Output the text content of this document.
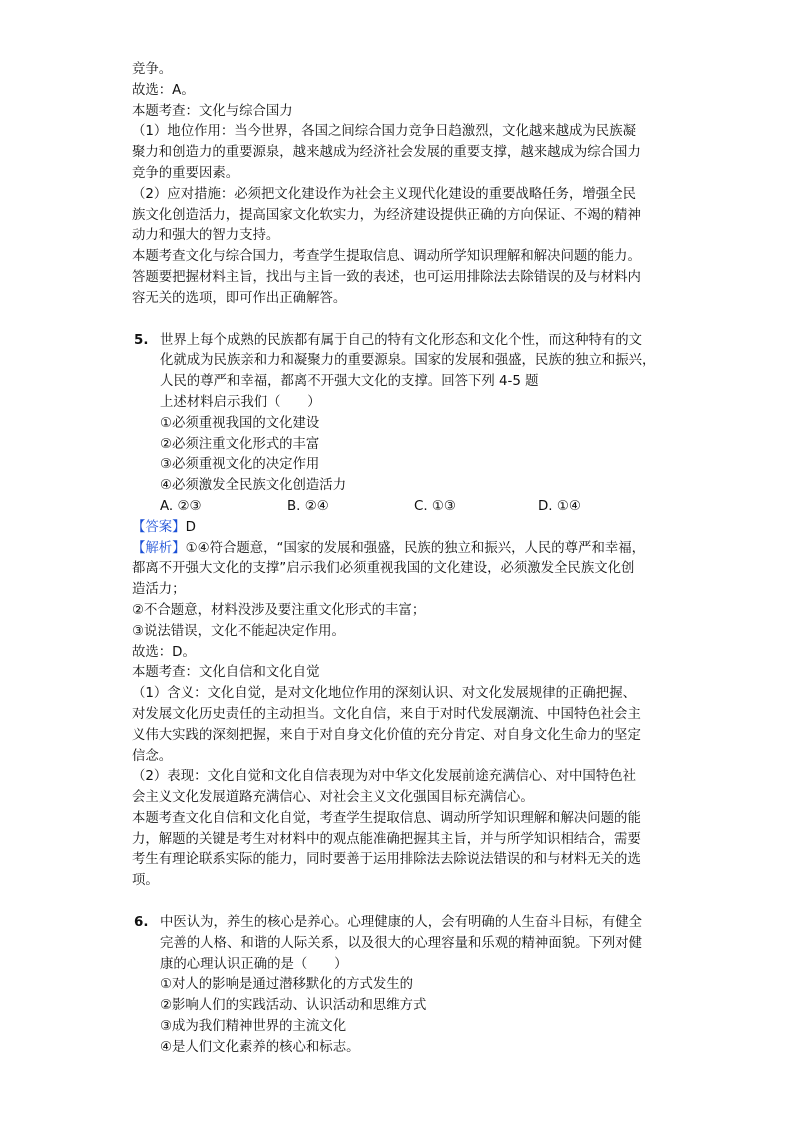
竞争。
故选：A。
本题考查：文化与综合国力
（1）地位作用：当今世界，各国之间综合国力竞争日趋激烈，文化越来越成为民族凝
聚力和创造力的重要源泉，越来越成为经济社会发展的重要支撑，越来越成为综合国力
竞争的重要因素。
（2）应对措施：必须把文化建设作为社会主义现代化建设的重要战略任务，增强全民
族文化创造活力，提高国家文化软实力，为经济建设提供正确的方向保证、不竭的精神
动力和强大的智力支持。
本题考查文化与综合国力，考查学生提取信息、调动所学知识理解和解决问题的能力。
答题要把握材料主旨，找出与主旨一致的表述，也可运用排除法去除错误的及与材料内
容无关的选项，即可作出正确解答。
5. 世界上每个成熟的民族都有属于自己的特有文化形态和文化个性，而这种特有的文
化就成为民族亲和力和凝聚力的重要源泉。国家的发展和强盛，民族的独立和振兴，
人民的尊严和幸福，都离不开强大文化的支撑。回答下列 4-5 题
上述材料启示我们（　　）
①必须重视我国的文化建设
②必须注重文化形式的丰富
③必须重视文化的决定作用
④必须激发全民族文化创造活力
A. ②③	B. ②④	C. ①③	D. ①④
【答案】D
【解析】①④符合题意，“国家的发展和强盛，民族的独立和振兴，人民的尊严和幸福，
都离不开强大文化的支撑”启示我们必须重视我国的文化建设，必须激发全民族文化创
造活力；
②不合题意，材料没涉及要注重文化形式的丰富；
③说法错误，文化不能起决定作用。
故选：D。
本题考查：文化自信和文化自觉
（1）含义：文化自觉，是对文化地位作用的深刻认识、对文化发展规律的正确把握、
对发展文化历史责任的主动担当。文化自信，来自于对时代发展潮流、中国特色社会主
义伟大实践的深刻把握，来自于对自身文化价值的充分肯定、对自身文化生命力的坚定
信念。
（2）表现：文化自觉和文化自信表现为对中华文化发展前途充满信心、对中国特色社
会主义文化发展道路充满信心、对社会主义文化强国目标充满信心。
本题考查文化自信和文化自觉，考查学生提取信息、调动所学知识理解和解决问题的能
力，解题的关键是考生对材料中的观点能准确把握其主旨，并与所学知识相结合，需要
考生有理论联系实际的能力，同时要善于运用排除法去除说法错误的和与材料无关的选
项。
6. 中医认为，养生的核心是养心。心理健康的人，会有明确的人生奋斗目标，有健全
完善的人格、和谐的人际关系，以及很大的心理容量和乐观的精神面貌。下列对健
康的心理认识正确的是（　　）
①对人的影响是通过潜移默化的方式发生的
②影响人们的实践活动、认识活动和思维方式
③成为我们精神世界的主流文化
④是人们文化素养的核心和标志。
